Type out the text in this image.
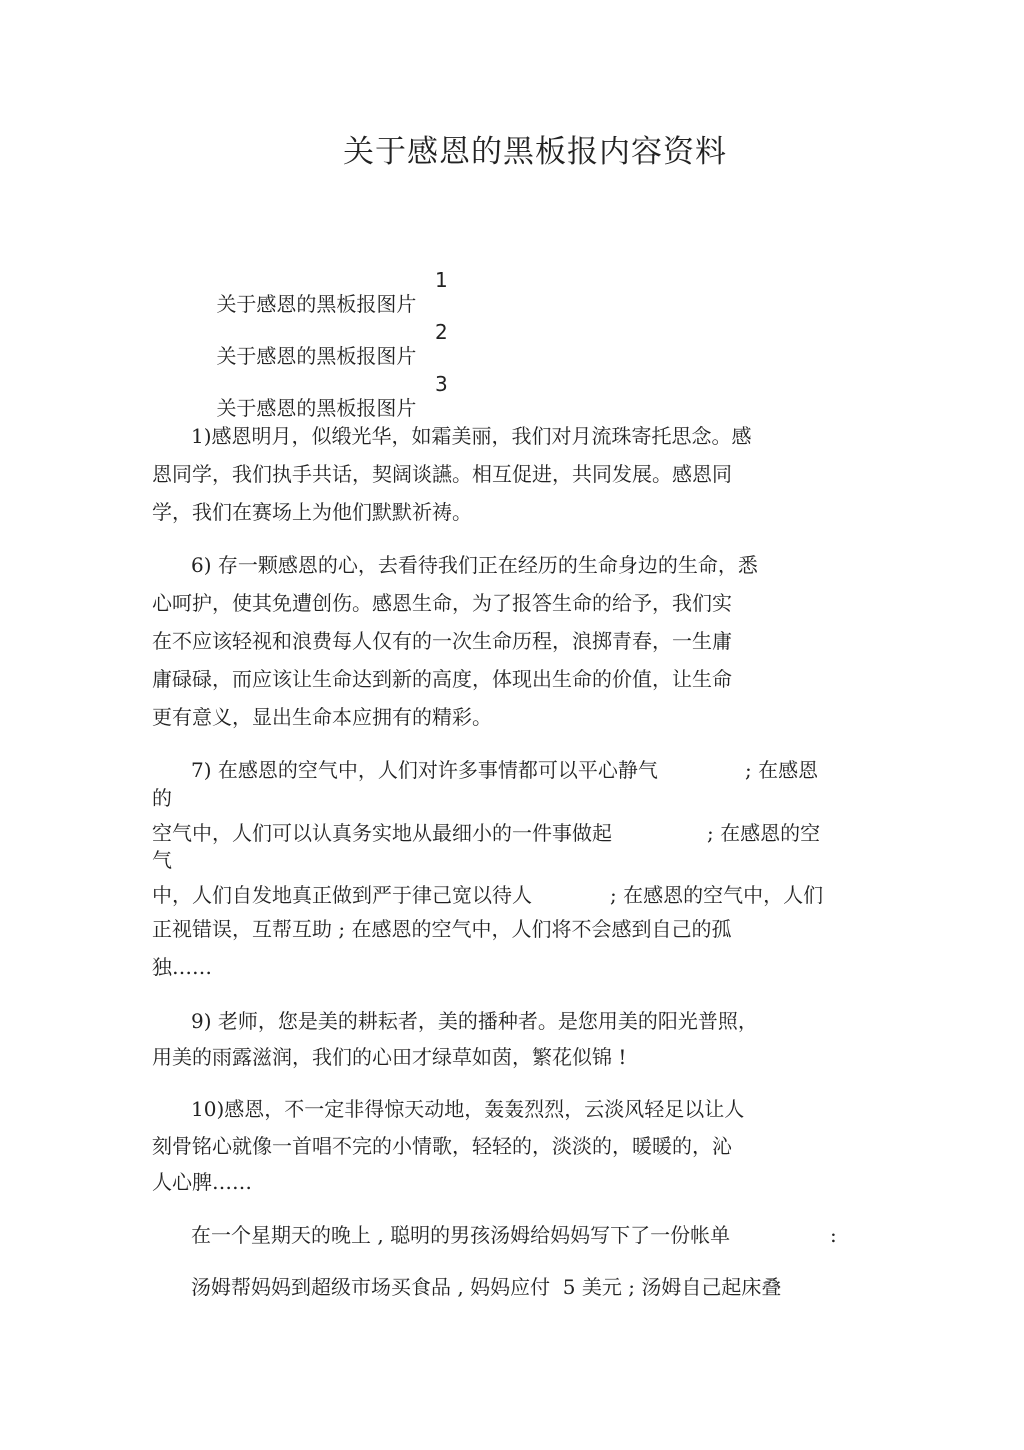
关于感恩的黑板报内容资料

关于感恩的黑板报图片

1

关于感恩的黑板报图片

2

关于感恩的黑板报图片

3
1)感恩明月，似缎光华，如霜美丽，我们对月流珠寄托思念。感
恩同学，我们执手共话，契阔谈讌。相互促进，共同发展。感恩同
学，我们在赛场上为他们默默祈祷。
6) 存一颗感恩的心，去看待我们正在经历的生命身边的生命，悉
心呵护，使其免遭创伤。感恩生命，为了报答生命的给予，我们实
在不应该轻视和浪费每人仅有的一次生命历程，浪掷青春，一生庸
庸碌碌，而应该让生命达到新的高度，体现出生命的价值，让生命
更有意义，显出生命本应拥有的精彩。
7) 在感恩的空气中，人们对许多事情都可以平心静气	; 在感恩
的
空气中，人们可以认真务实地从最细小的一件事做起	; 在感恩的空
气
中，人们自发地真正做到严于律己宽以待人	; 在感恩的空气中，人们
正视错误，互帮互助 ; 在感恩的空气中，人们将不会感到自己的孤
独……
9) 老师，您是美的耕耘者，美的播种者。是您用美的阳光普照，
用美的雨露滋润，我们的心田才绿草如茵，繁花似锦 !
10)感恩，不一定非得惊天动地，轰轰烈烈，云淡风轻足以让人
刻骨铭心就像一首唱不完的小情歌，轻轻的，淡淡的，暖暖的，沁
人心脾……
在一个星期天的晚上 , 聪明的男孩汤姆给妈妈写下了一份帐单	:
汤姆帮妈妈到超级市场买食品 , 妈妈应付  5 美元 ; 汤姆自己起床叠
